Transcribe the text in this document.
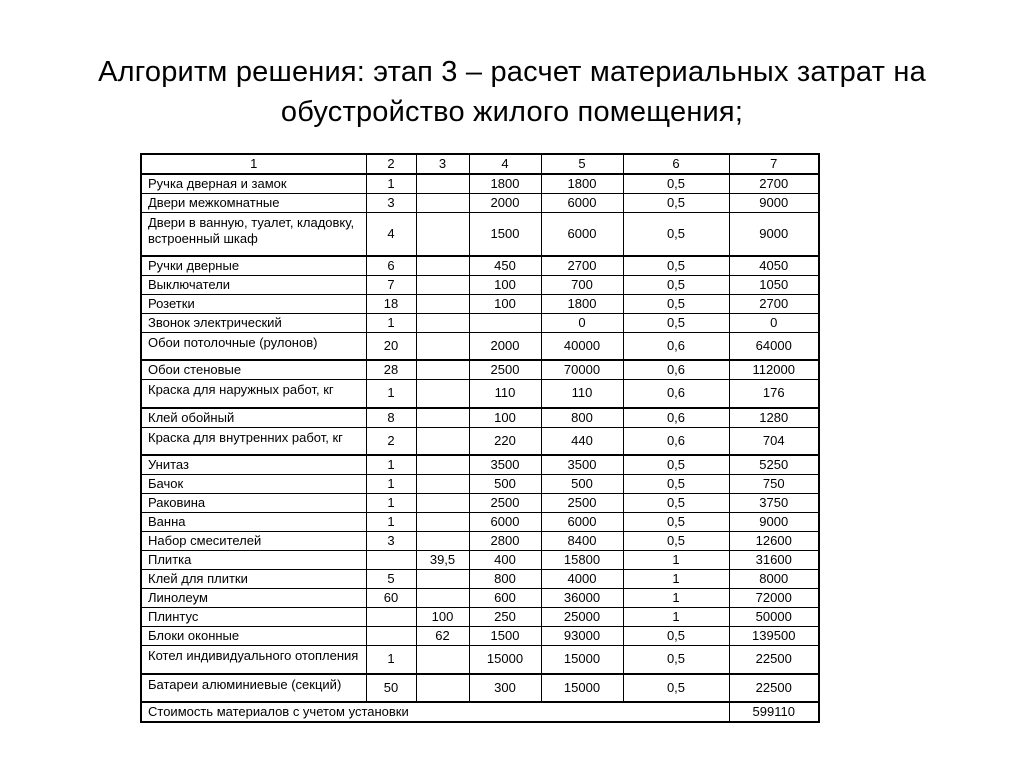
Алгоритм решения: этап 3 – расчет материальных затрат на
обустройство жилого помещения;
1	2	3	4	5	6	7
Ручка дверная и замок	1		1800	1800	0,5	2700
Двери межкомнатные	3		2000	6000	0,5	9000
Двери в ванную, туалет, кладовку, встроенный шкаф	4		1500	6000	0,5	9000
Ручки дверные	6		450	2700	0,5	4050
Выключатели	7		100	700	0,5	1050
Розетки	18		100	1800	0,5	2700
Звонок электрический	1			0	0,5	0
Обои потолочные (рулонов)	20		2000	40000	0,6	64000
Обои стеновые	28		2500	70000	0,6	112000
Краска для наружных работ, кг	1		110	110	0,6	176
Клей обойный	8		100	800	0,6	1280
Краска для внутренних работ, кг	2		220	440	0,6	704
Унитаз	1		3500	3500	0,5	5250
Бачок	1		500	500	0,5	750
Раковина	1		2500	2500	0,5	3750
Ванна	1		6000	6000	0,5	9000
Набор смесителей	3		2800	8400	0,5	12600
Плитка		39,5	400	15800	1	31600
Клей для плитки	5		800	4000	1	8000
Линолеум	60		600	36000	1	72000
Плинтус		100	250	25000	1	50000
Блоки оконные		62	1500	93000	0,5	139500
Котел индивидуального отопления	1		15000	15000	0,5	22500
Батареи алюминиевые (секций)	50		300	15000	0,5	22500
Стоимость материалов с учетом установки						599110
